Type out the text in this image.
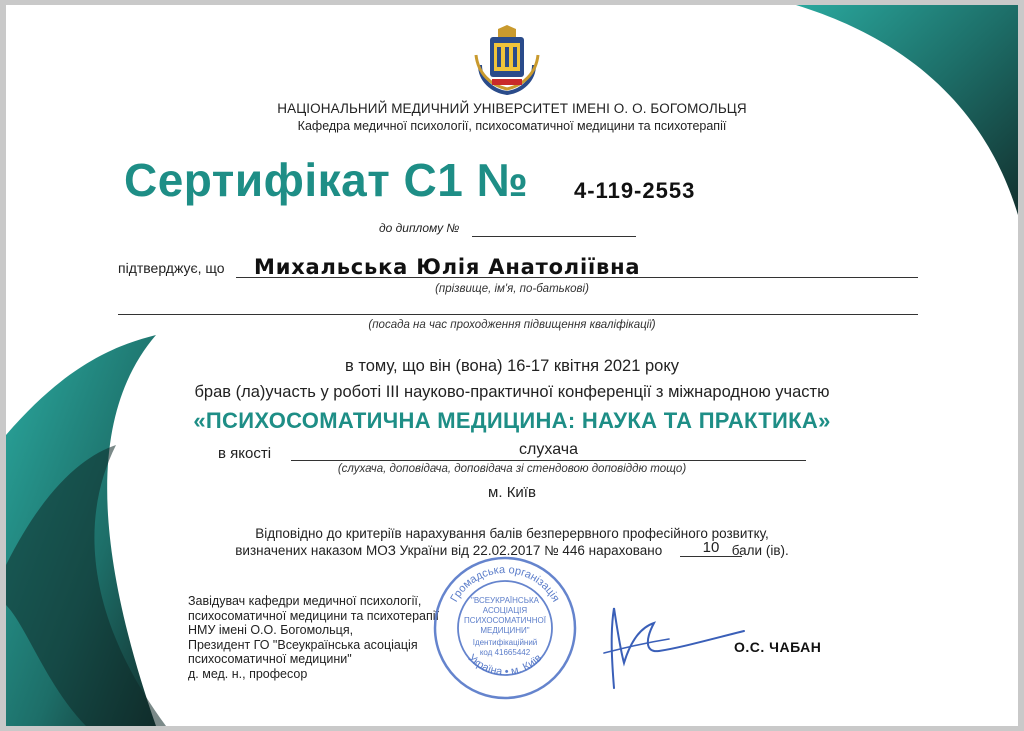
НАЦІОНАЛЬНИЙ МЕДИЧНИЙ УНІВЕРСИТЕТ ІМЕНІ О. О. БОГОМОЛЬЦЯ
Кафедра медичної психології, психосоматичної медицини та психотерапії
Сертифікат С1 № 4-119-2553
до диплому №
підтверджує, що Михальська Юлія Анатоліївна
(прізвище, ім'я, по-батькові)
(посада на час проходження підвищення кваліфікації)
в тому, що він (вона) 16-17 квітня 2021 року
брав (ла)участь у роботі III науково-практичної конференції з міжнародною участю
«ПСИХОСОМАТИЧНА МЕДИЦИНА: НАУКА ТА ПРАКТИКА»
в якості	слухача
(слухача, доповідача, доповідача зі стендовою доповіддю тощо)
м. Київ
Відповідно до критеріїв нарахування балів безперервного професійного розвитку,
визначених наказом МОЗ України від 22.02.2017 № 446 нараховано	бали (ів).
10
Завідувач кафедри медичної психології,
психосоматичної медицини та психотерапії
НМУ імені О.О. Богомольця,
Президент ГО "Всеукраїнська асоціація
психосоматичної медицини"
д. мед. н., професор
Громадська організація
Україна • м. Київ
"ВСЕУКРАЇНСЬКА
АСОЦІАЦІЯ
ПСИХОСОМАТИЧНОЇ
МЕДИЦИНИ"
Ідентифікаційний
код 41665442	О.С. ЧАБАН
